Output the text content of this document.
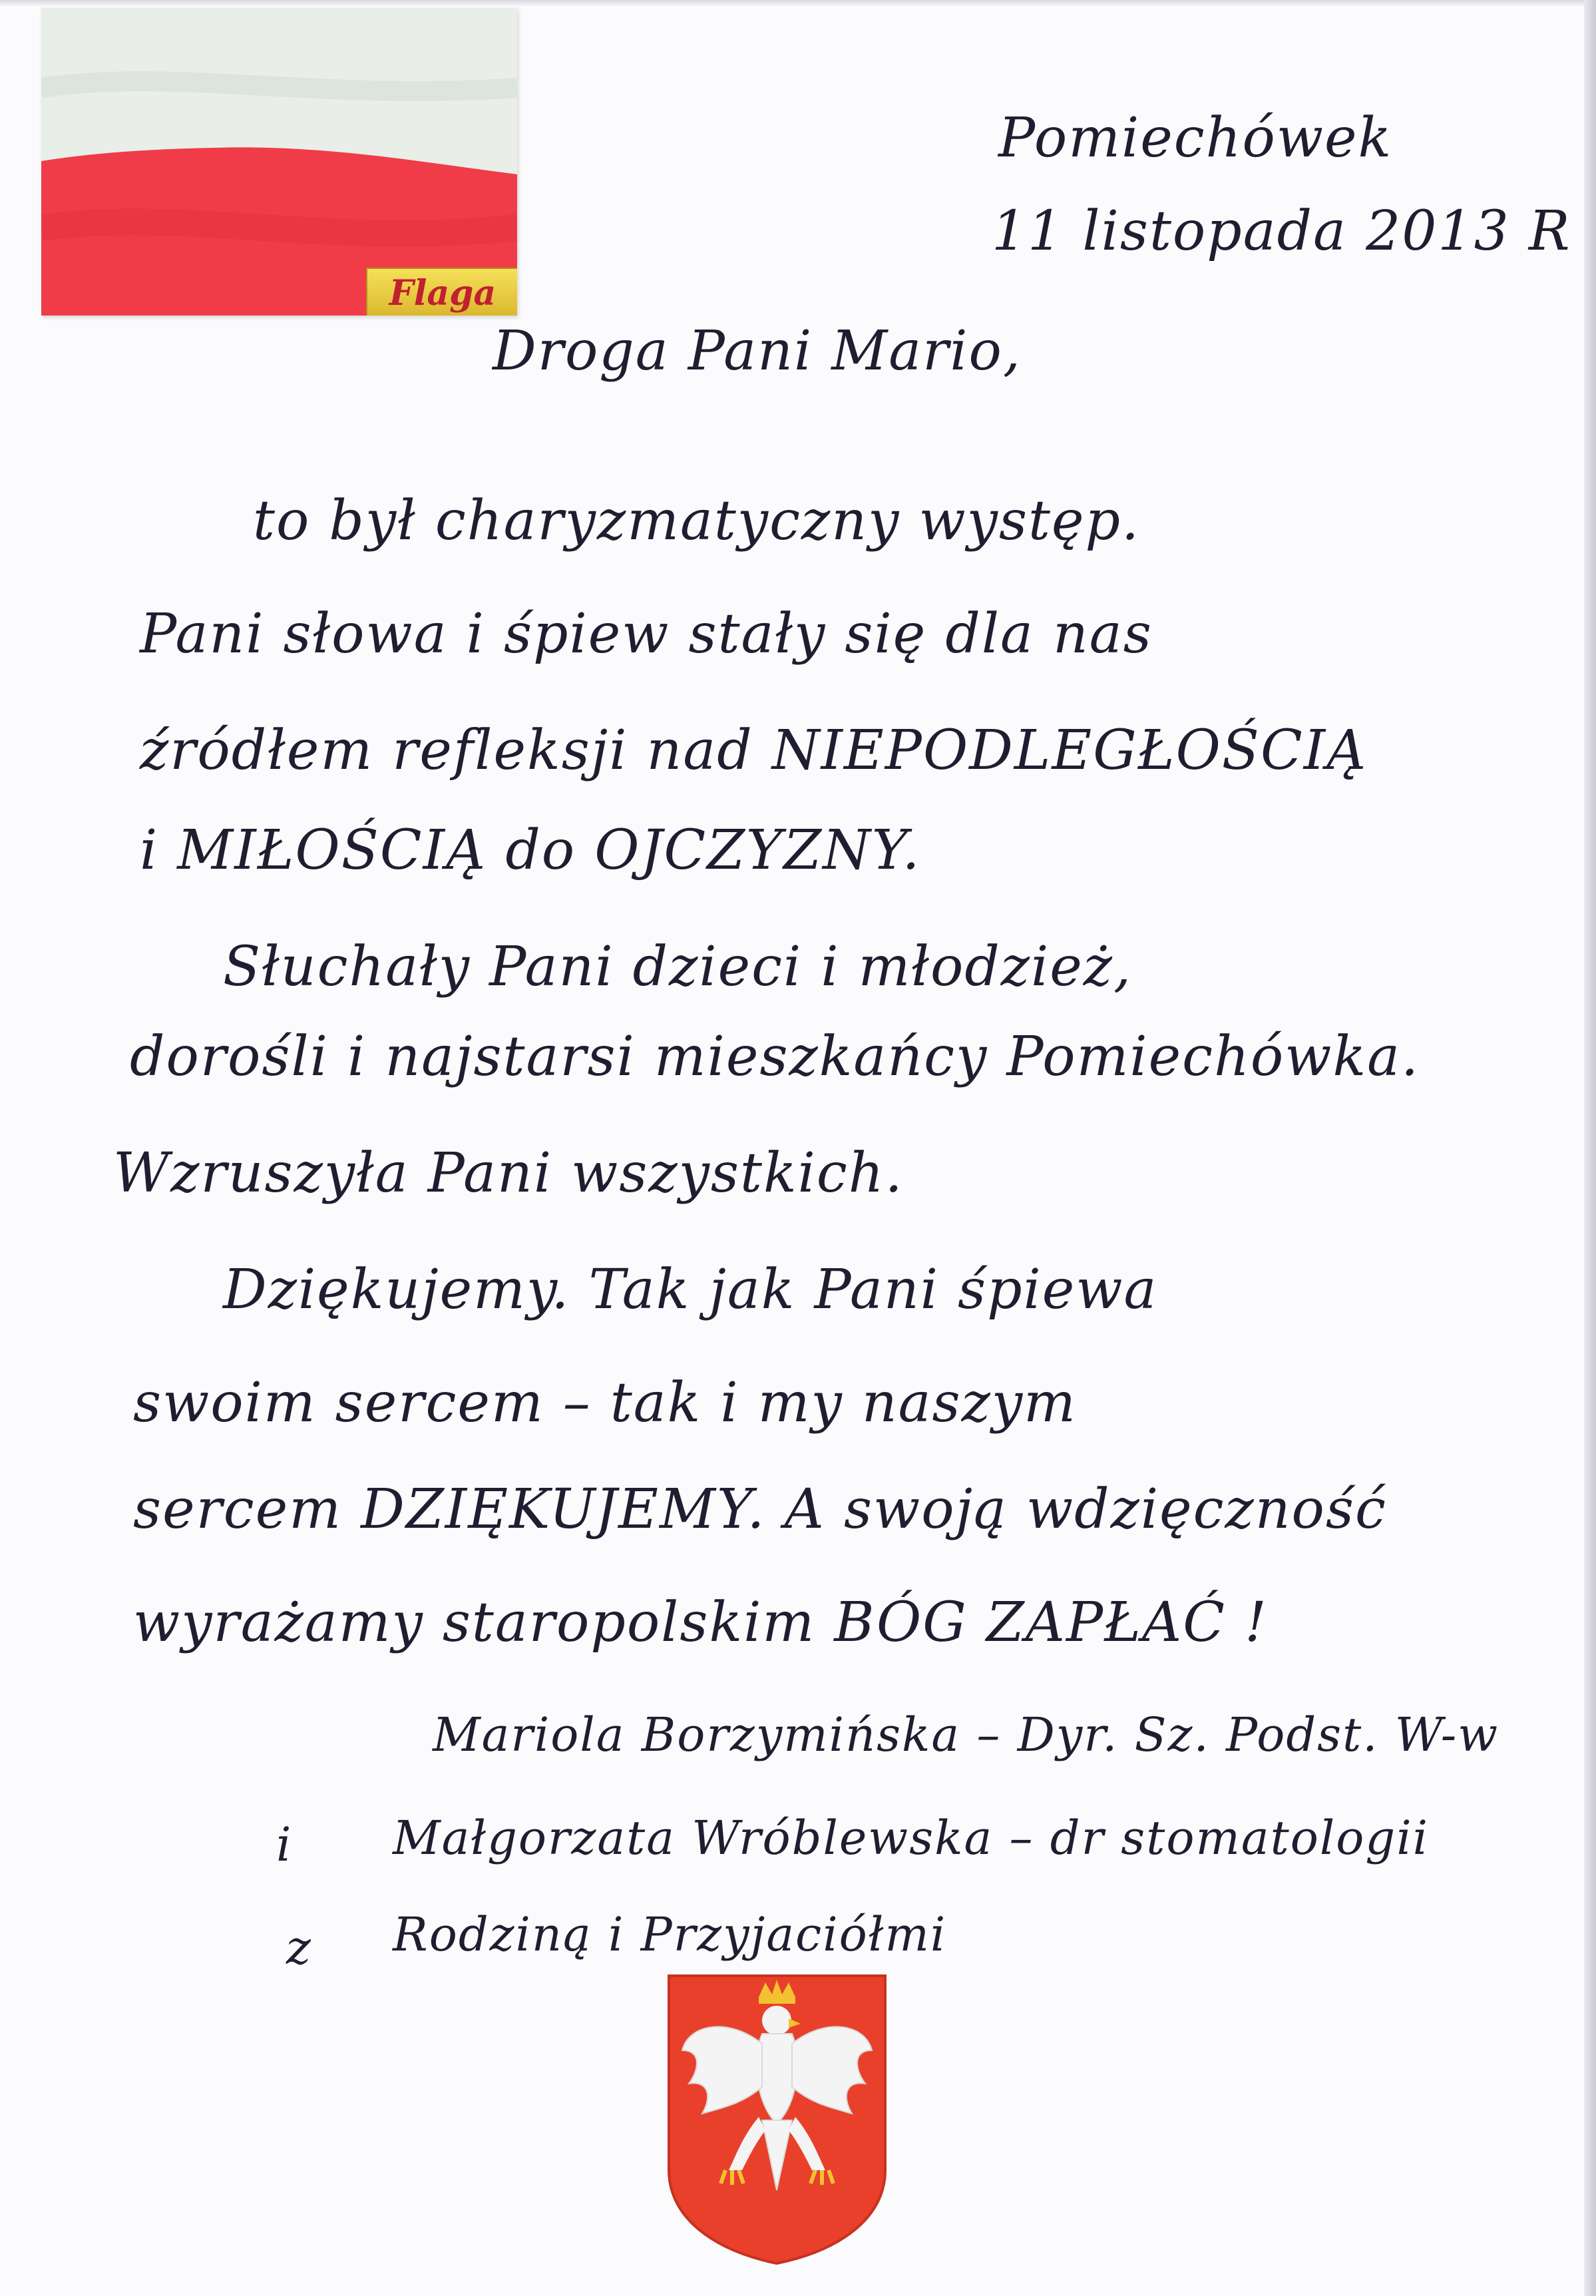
Flaga
Pomiechówek
11 listopada 2013 R
Droga Pani Mario,
to był charyzmatyczny występ.
Pani słowa i śpiew stały się dla nas
źródłem refleksji nad NIEPODLEGŁOŚCIĄ
i MIŁOŚCIĄ do OJCZYZNY.
Słuchały Pani dzieci i młodzież,
dorośli i najstarsi mieszkańcy Pomiechówka.
Wzruszyła Pani wszystkich.
Dziękujemy. Tak jak Pani śpiewa
swoim sercem – tak i my naszym
sercem DZIĘKUJEMY. A swoją wdzięczność
wyrażamy staropolskim BÓG ZAPŁAĆ !
Mariola Borzymińska – Dyr. Sz. Podst. W-w
i Małgorzata Wróblewska – dr stomatologii
z Rodziną i Przyjaciółmi
